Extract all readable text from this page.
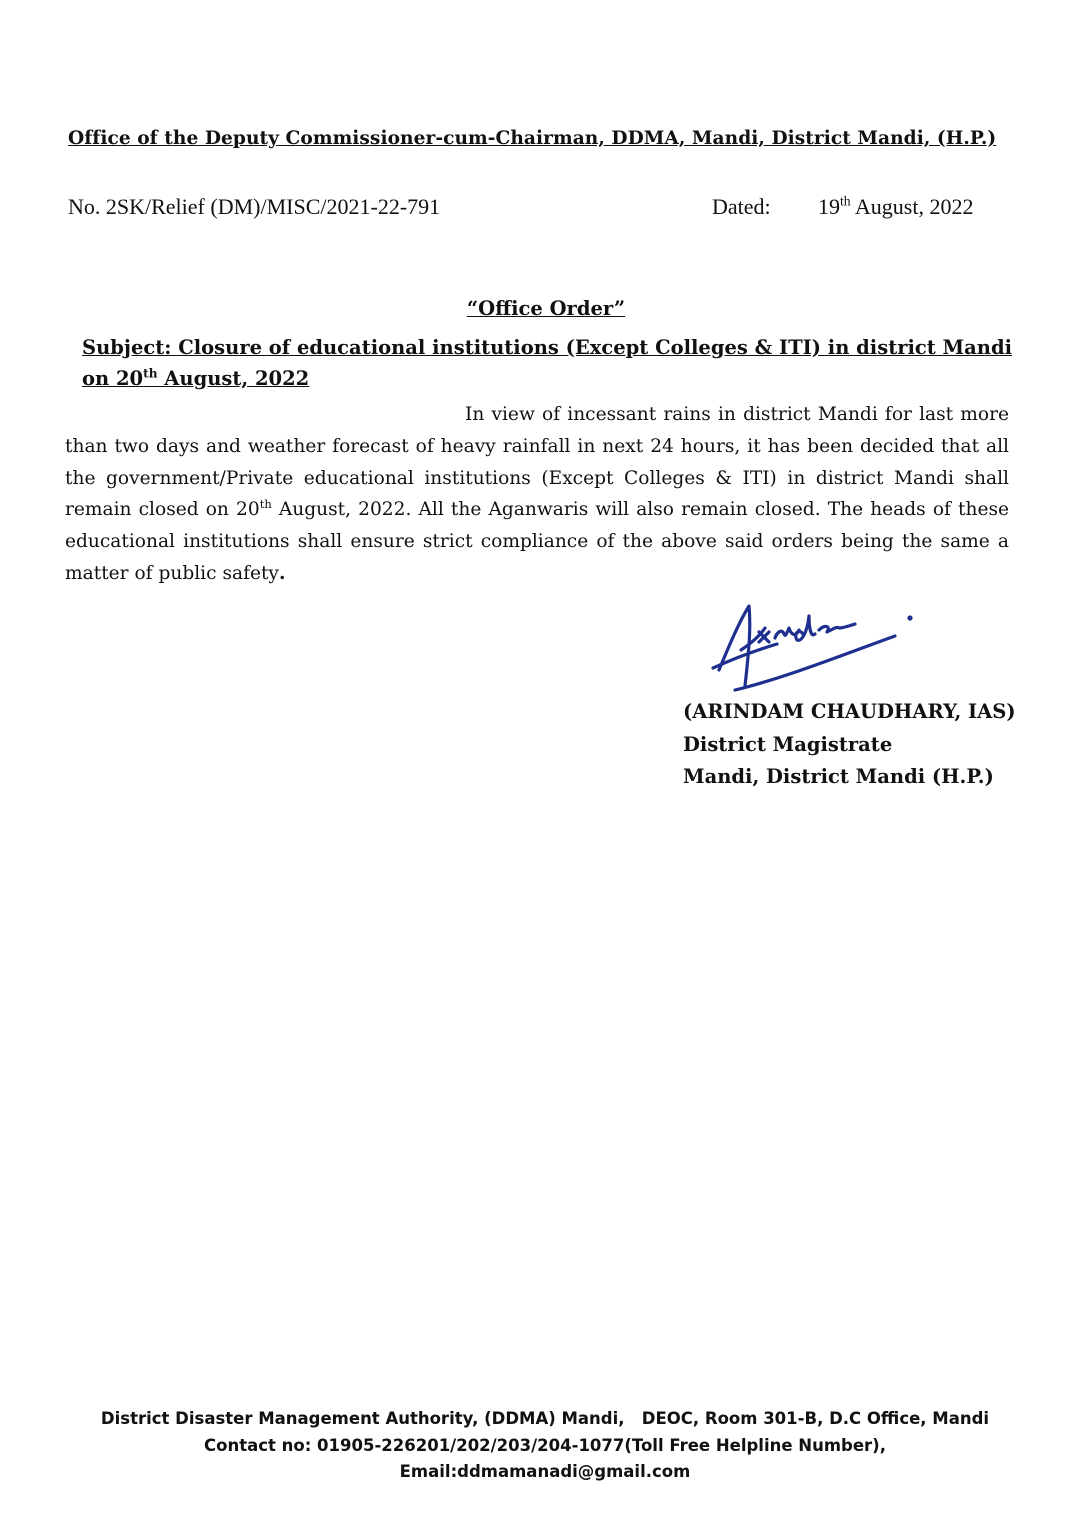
Office of the Deputy Commissioner-cum-Chairman, DDMA, Mandi, District Mandi, (H.P.)
No. 2SK/Relief (DM)/MISC/2021-22-791	Dated: 19th August, 2022
“Office Order”
Subject: Closure of educational institutions (Except Colleges & ITI) in district Mandi on 20th August, 2022
In view of incessant rains in district Mandi for last more than two days and weather forecast of heavy rainfall in next 24 hours, it has been decided that all the government/Private educational institutions (Except Colleges & ITI) in district Mandi shall remain closed on 20th August, 2022. All the Aganwaris will also remain closed. The heads of these educational institutions shall ensure strict compliance of the above said orders being the same a matter of public safety.
(ARINDAM CHAUDHARY, IAS)
District Magistrate
Mandi, District Mandi (H.P.)
District Disaster Management Authority, (DDMA) Mandi,   DEOC, Room 301-B, D.C Office, Mandi
Contact no: 01905-226201/202/203/204-1077(Toll Free Helpline Number),
Email:ddmamanadi@gmail.com
